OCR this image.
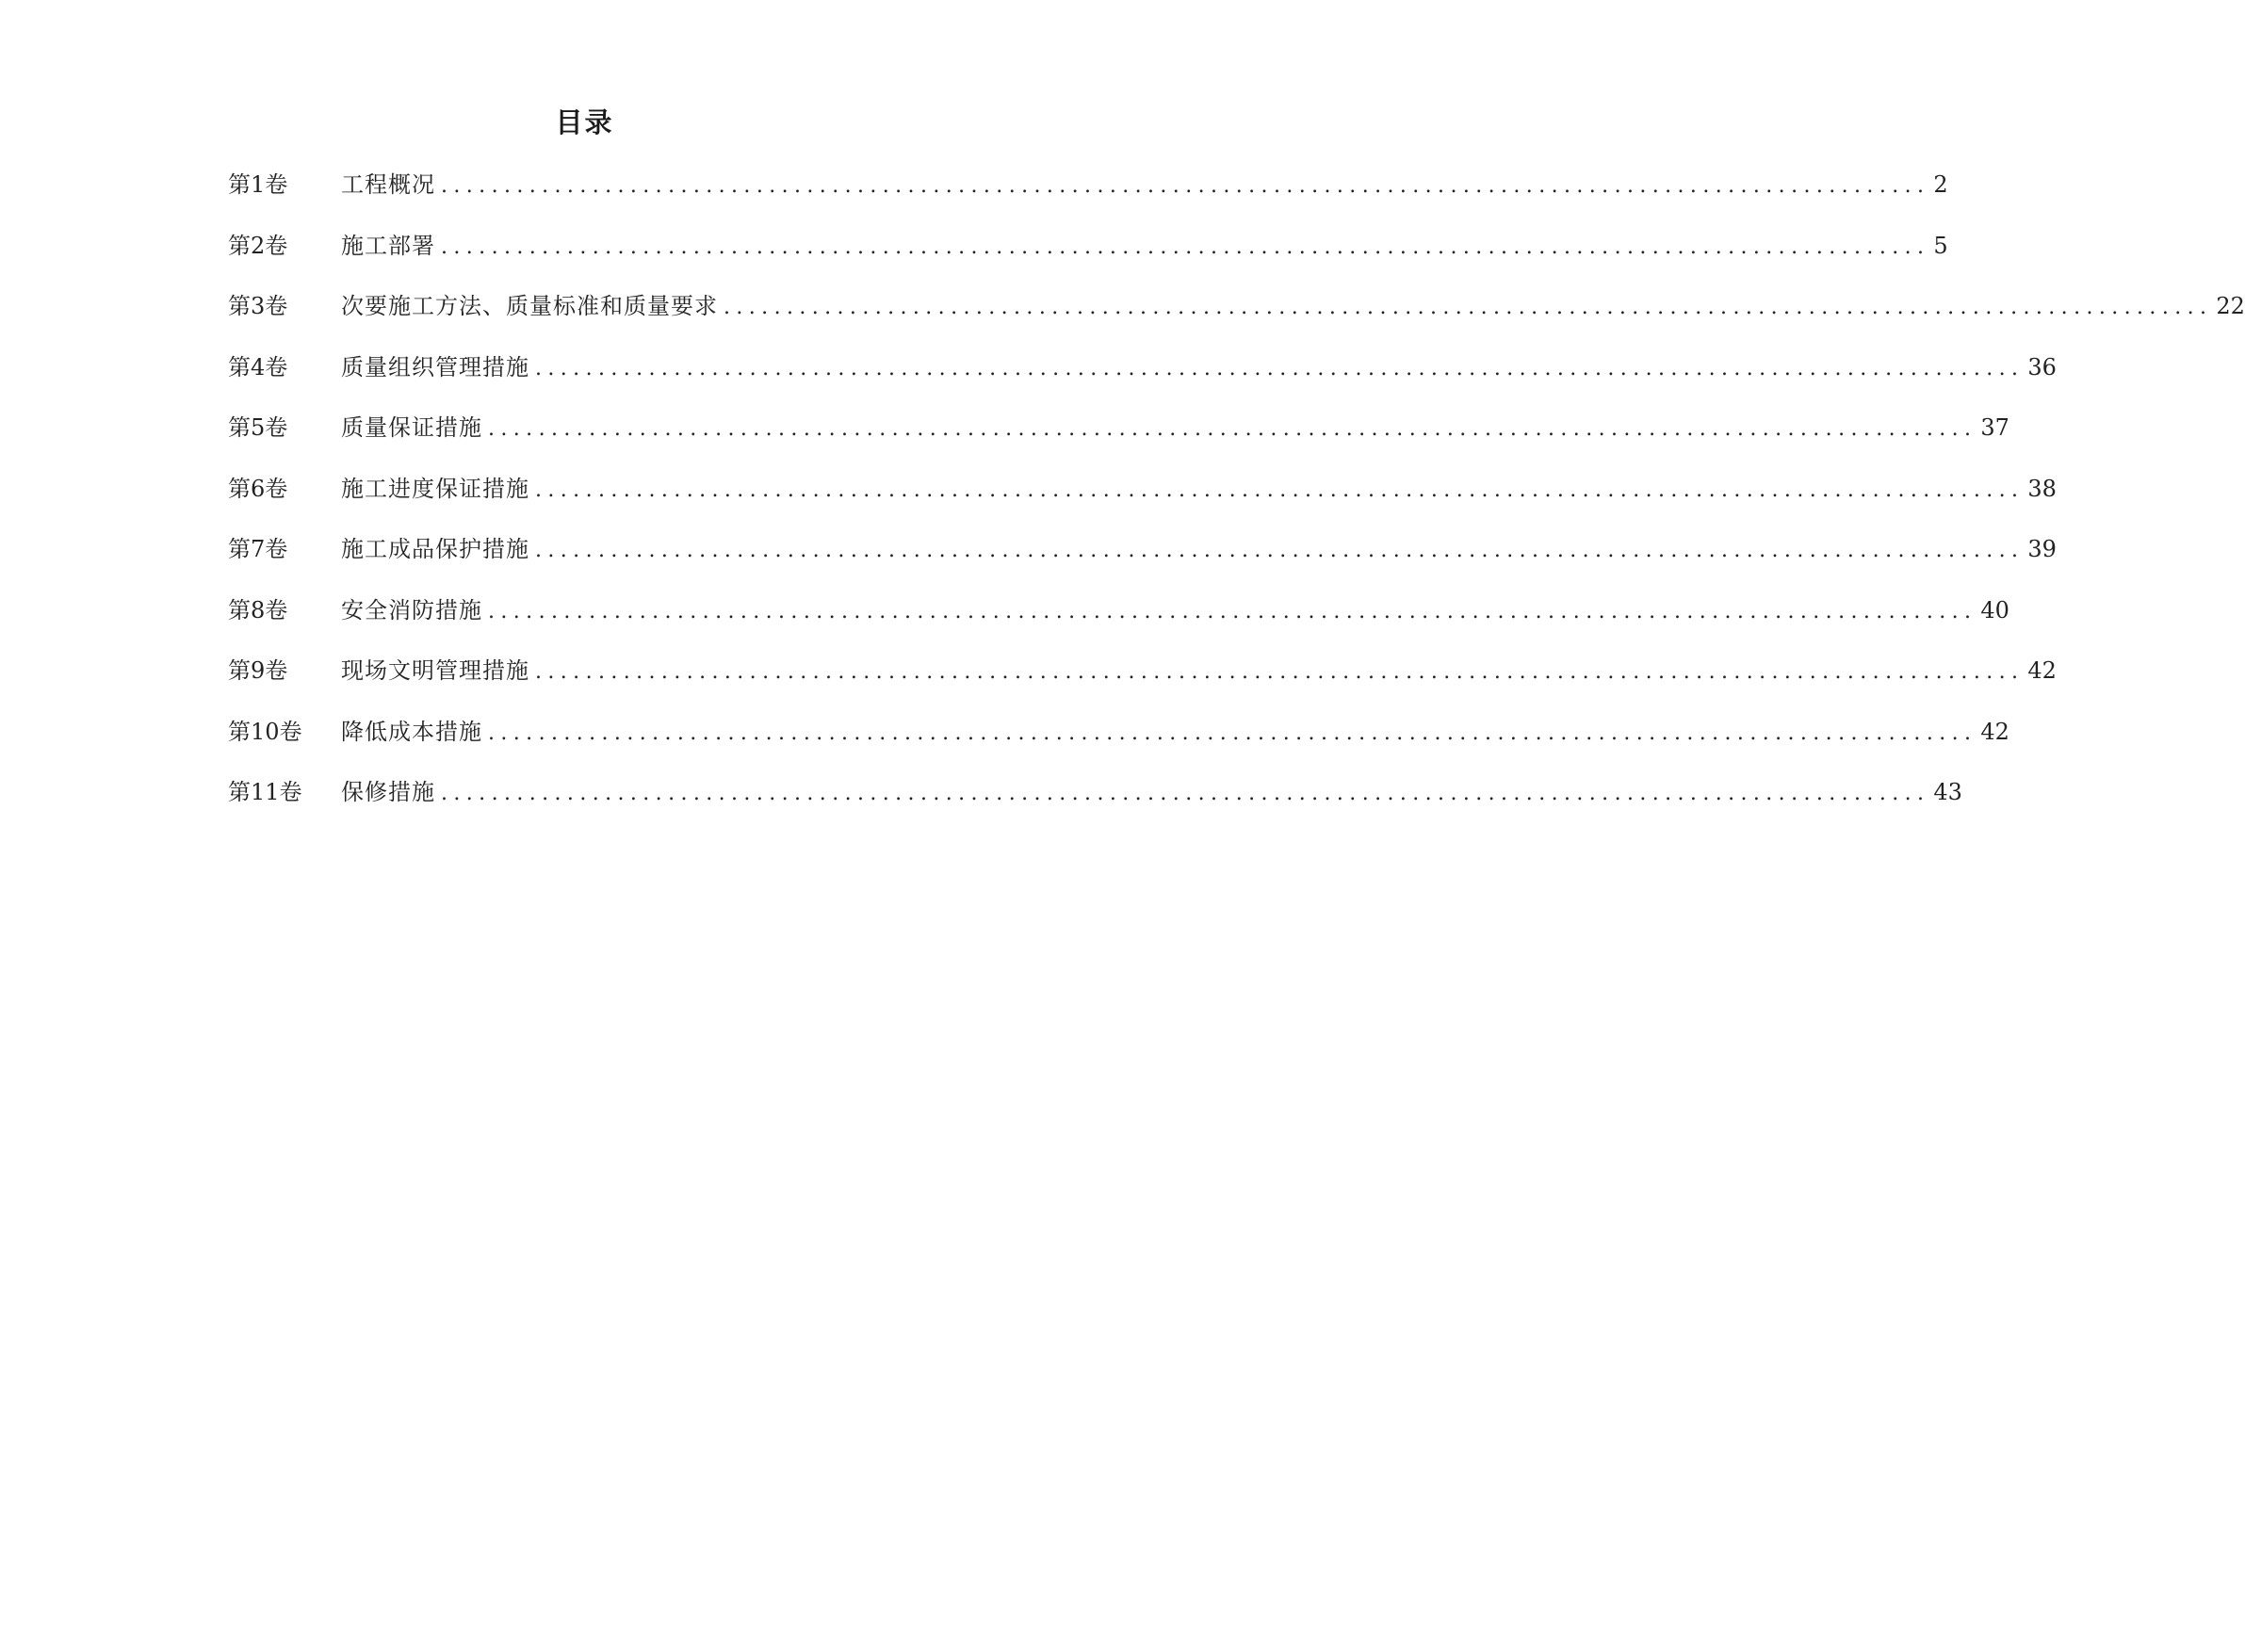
目录
第1卷	工程概况 ...................................................................................................................... 2
第2卷	施工部署 ...................................................................................................................... 5
第3卷	次要施工方法、质量标准和质量要求 ...................................................................................................................... 22
第4卷	质量组织管理措施 ...................................................................................................................... 36
第5卷	质量保证措施 ...................................................................................................................... 37
第6卷	施工进度保证措施 ...................................................................................................................... 38
第7卷	施工成品保护措施 ...................................................................................................................... 39
第8卷	安全消防措施 ...................................................................................................................... 40
第9卷	现场文明管理措施 ...................................................................................................................... 42
第10卷	降低成本措施 ...................................................................................................................... 42
第11卷	保修措施 ...................................................................................................................... 43
